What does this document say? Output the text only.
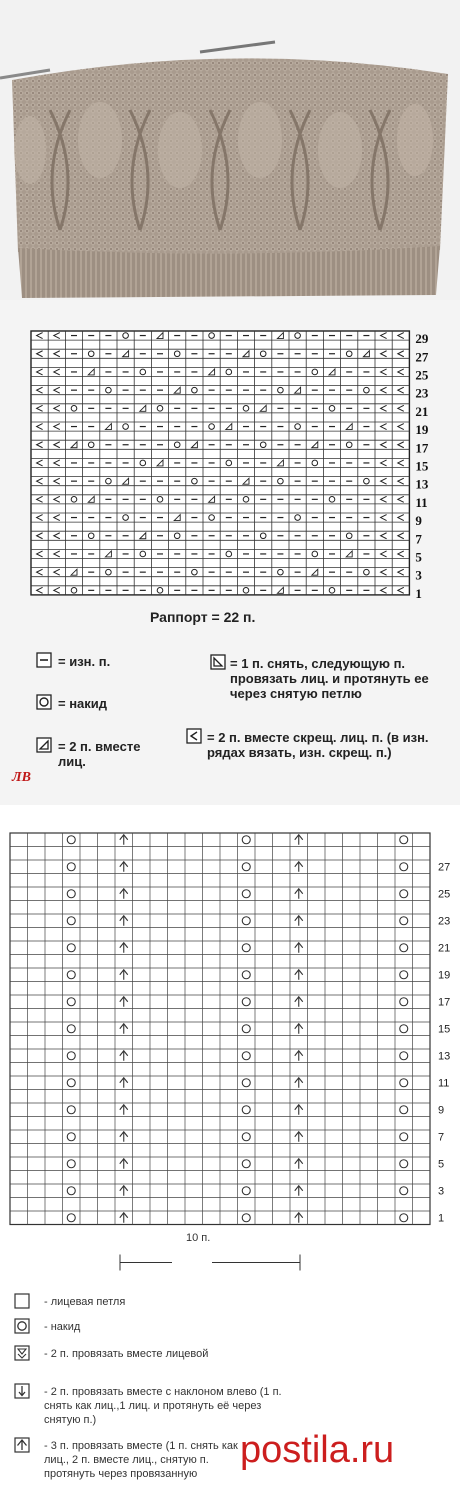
29
27
25
23
21
19
17
15
13
11
9
7
5
3
1
Раппорт = 22 п.
= изн. п.
= накид
= 2 п. вместе лиц.
= 1 п. снять, следующую п. провязать лиц. и протянуть ее через снятую петлю
= 2 п. вместе скрещ. лиц. п. (в изн. рядах вязать, изн. скрещ. п.)
ЛВ
27
25
23
21
19
17
15
13
11
9
7
5
3
1
10 п.
- лицевая петля
- накид
- 2 п. провязать вместе лицевой
- 2 п. провязать вместе с наклоном влево (1 п. снять как лиц.,1 лиц. и протянуть её через снятую п.)
- 3 п. провязать вместе (1 п. снять как лиц., 2 п. вместе лиц., снятую п. протянуть через провязанную
postila.ru
